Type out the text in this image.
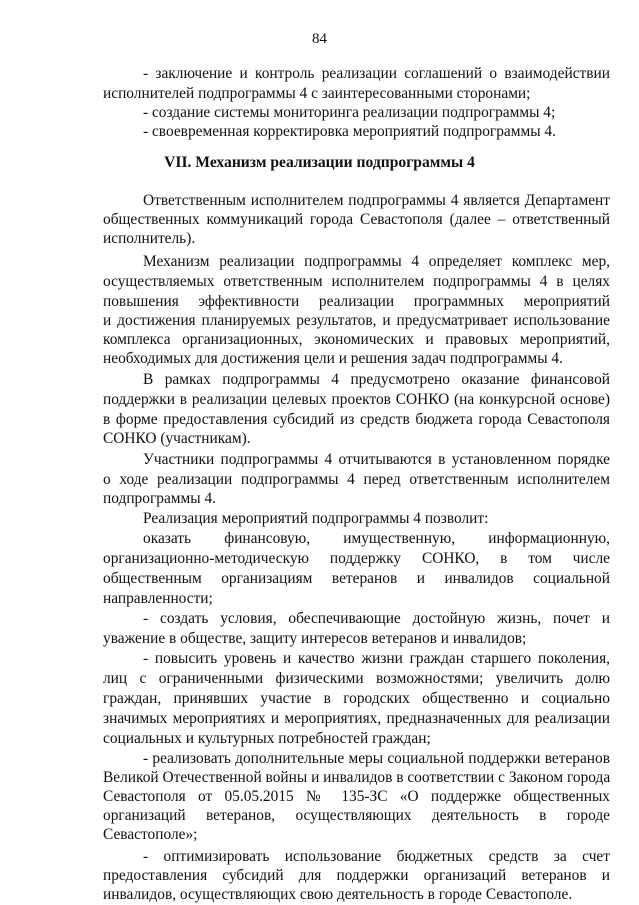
84
- заключение и контроль реализации соглашений о взаимодействии
исполнителей подпрограммы 4 с заинтересованными сторонами;
- создание системы мониторинга реализации подпрограммы 4;
- своевременная корректировка мероприятий подпрограммы 4.
VII. Механизм реализации подпрограммы 4
Ответственным исполнителем подпрограммы 4 является Департамент
общественных коммуникаций города Севастополя (далее – ответственный
исполнитель).
Механизм реализации подпрограммы 4 определяет комплекс мер,
осуществляемых ответственным исполнителем подпрограммы 4 в целях
повышения эффективности реализации программных мероприятий
и достижения планируемых результатов, и предусматривает использование
комплекса организационных, экономических и правовых мероприятий,
необходимых для достижения цели и решения задач подпрограммы 4.
В рамках подпрограммы 4 предусмотрено оказание финансовой
поддержки в реализации целевых проектов СОНКО (на конкурсной основе)
в форме предоставления субсидий из средств бюджета города Севастополя
СОНКО (участникам).
Участники подпрограммы 4 отчитываются в установленном порядке
о ходе реализации подпрограммы 4 перед ответственным исполнителем
подпрограммы 4.
Реализация мероприятий подпрограммы 4 позволит:
оказать финансовую, имущественную, информационную,
организационно-методическую поддержку СОНКО, в том числе
общественным организациям ветеранов и инвалидов социальной
направленности;
- создать условия, обеспечивающие достойную жизнь, почет и
уважение в обществе, защиту интересов ветеранов и инвалидов;
- повысить уровень и качество жизни граждан старшего поколения,
лиц с ограниченными физическими возможностями; увеличить долю
граждан, принявших участие в городских общественно и социально
значимых мероприятиях и мероприятиях, предназначенных для реализации
социальных и культурных потребностей граждан;
- реализовать дополнительные меры социальной поддержки ветеранов
Великой Отечественной войны и инвалидов в соответствии с Законом города
Севастополя от 05.05.2015 № 135-ЗС «О поддержке общественных
организаций ветеранов, осуществляющих деятельность в городе
Севастополе»;
- оптимизировать использование бюджетных средств за счет
предоставления субсидий для поддержки организаций ветеранов и
инвалидов, осуществляющих свою деятельность в городе Севастополе.
